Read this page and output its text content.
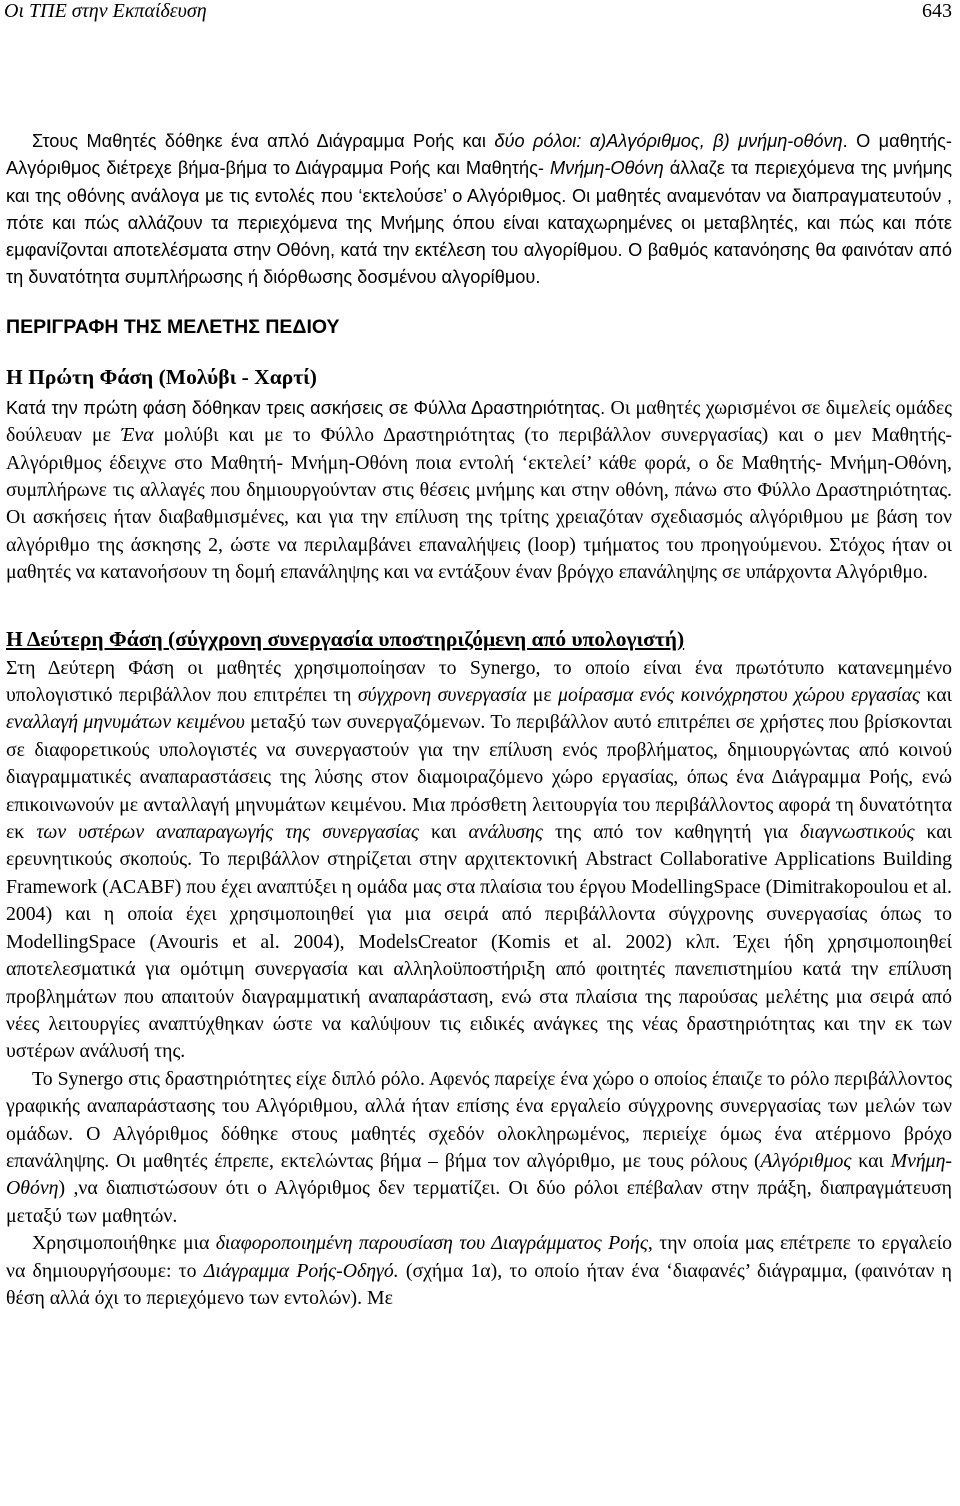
Οι ΤΠΕ στην Εκπαίδευση	643

Στους Μαθητές δόθηκε ένα απλό Διάγραμμα Ροής και δύο ρόλοι: α)Αλγόριθμος, β) μνήμη-οθόνη. Ο μαθητής-Αλγόριθμος διέτρεχε βήμα-βήμα το Διάγραμμα Ροής και Μαθητής- Μνήμη-Οθόνη άλλαζε τα περιεχόμενα της μνήμης και της οθόνης ανάλογα με τις εντολές που ‘εκτελούσε’ ο Αλγόριθμος. Οι μαθητές αναμενόταν να διαπραγματευτούν , πότε και πώς αλλάζουν τα περιεχόμενα της Μνήμης όπου είναι καταχωρημένες οι μεταβλητές, και πώς και πότε εμφανίζονται αποτελέσματα στην Οθόνη, κατά την εκτέλεση του αλγορίθμου. Ο βαθμός κατανόησης θα φαινόταν από τη δυνατότητα συμπλήρωσης ή διόρθωσης δοσμένου αλγορίθμου.

ΠΕΡΙΓΡΑΦΗ ΤΗΣ ΜΕΛΕΤΗΣ ΠΕΔΙΟΥ
Η Πρώτη Φάση (Μολύβι - Χαρτί)

Κατά την πρώτη φάση δόθηκαν τρεις ασκήσεις σε Φύλλα Δραστηριότητας. Οι μαθητές χωρισμένοι σε διμελείς ομάδες δούλευαν με Ένα μολύβι και με το Φύλλο Δραστηριότητας (το περιβάλλον συνεργασίας) και ο μεν Μαθητής-Αλγόριθμος έδειχνε στο Μαθητή- Μνήμη-Οθόνη ποια εντολή ‘εκτελεί’ κάθε φορά, ο δε Μαθητής- Μνήμη-Οθόνη, συμπλήρωνε τις αλλαγές που δημιουργούνταν στις θέσεις μνήμης και στην οθόνη, πάνω στο Φύλλο Δραστηριότητας. Οι ασκήσεις ήταν διαβαθμισμένες, και για την επίλυση της τρίτης χρειαζόταν σχεδιασμός αλγόριθμου με βάση τον αλγόριθμο της άσκησης 2, ώστε να περιλαμβάνει επαναλήψεις (loop) τμήματος του προηγούμενου. Στόχος ήταν οι μαθητές να κατανοήσουν τη δομή επανάληψης και να εντάξουν έναν βρόγχο επανάληψης σε υπάρχοντα Αλγόριθμο.

Η Δεύτερη Φάση (σύγχρονη συνεργασία υποστηριζόμενη από υπολογιστή)

Στη Δεύτερη Φάση οι μαθητές χρησιμοποίησαν το Synergo, το οποίο είναι ένα πρωτότυπο κατανεμημένο υπολογιστικό περιβάλλον που επιτρέπει τη σύγχρονη συνεργασία με μοίρασμα ενός κοινόχρηστου χώρου εργασίας και εναλλαγή μηνυμάτων κειμένου μεταξύ των συνεργαζόμενων. Το περιβάλλον αυτό επιτρέπει σε χρήστες που βρίσκονται σε διαφορετικούς υπολογιστές να συνεργαστούν για την επίλυση ενός προβλήματος, δημιουργώντας από κοινού διαγραμματικές αναπαραστάσεις της λύσης στον διαμοιραζόμενο χώρο εργασίας, όπως ένα Διάγραμμα Ροής, ενώ επικοινωνούν με ανταλλαγή μηνυμάτων κειμένου. Μια πρόσθετη λειτουργία του περιβάλλοντος αφορά τη δυνατότητα εκ των υστέρων αναπαραγωγής της συνεργασίας και ανάλυσης της από τον καθηγητή για διαγνωστικούς και ερευνητικούς σκοπούς. Το περιβάλλον στηρίζεται στην αρχιτεκτονική Abstract Collaborative Applications Building Framework (ACABF) που έχει αναπτύξει η ομάδα μας στα πλαίσια του έργου ModellingSpace (Dimitrakopoulou et al. 2004) και η οποία έχει χρησιμοποιηθεί για μια σειρά από περιβάλλοντα σύγχρονης συνεργασίας όπως το ModellingSpace (Avouris et al. 2004), ModelsCreator (Komis et al. 2002) κλπ. Έχει ήδη χρησιμοποιηθεί αποτελεσματικά για ομότιμη συνεργασία και αλληλοϋποστήριξη από φοιτητές πανεπιστημίου κατά την επίλυση προβλημάτων που απαιτούν διαγραμματική αναπαράσταση, ενώ στα πλαίσια της παρούσας μελέτης μια σειρά από νέες λειτουργίες αναπτύχθηκαν ώστε να καλύψουν τις ειδικές ανάγκες της νέας δραστηριότητας και την εκ των υστέρων ανάλυσή της.

Το Synergo στις δραστηριότητες είχε διπλό ρόλο. Αφενός παρείχε ένα χώρο ο οποίος έπαιζε το ρόλο περιβάλλοντος γραφικής αναπαράστασης του Αλγόριθμου, αλλά ήταν επίσης ένα εργαλείο σύγχρονης συνεργασίας των μελών των ομάδων. Ο Αλγόριθμος δόθηκε στους μαθητές σχεδόν ολοκληρωμένος, περιείχε όμως ένα ατέρμονο βρόχο επανάληψης. Οι μαθητές έπρεπε, εκτελώντας βήμα – βήμα τον αλγόριθμο, με τους ρόλους (Αλγόριθμος και Μνήμη-Οθόνη) ,να διαπιστώσουν ότι ο Αλγόριθμος δεν τερματίζει. Οι δύο ρόλοι επέβαλαν στην πράξη, διαπραγμάτευση μεταξύ των μαθητών.

Χρησιμοποιήθηκε μια διαφοροποιημένη παρουσίαση του Διαγράμματος Ροής, την οποία μας επέτρεπε το εργαλείο να δημιουργήσουμε: το Διάγραμμα Ροής-Οδηγό. (σχήμα 1α), το οποίο ήταν ένα ‘διαφανές’ διάγραμμα, (φαινόταν η θέση αλλά όχι το περιεχόμενο των εντολών). Με
